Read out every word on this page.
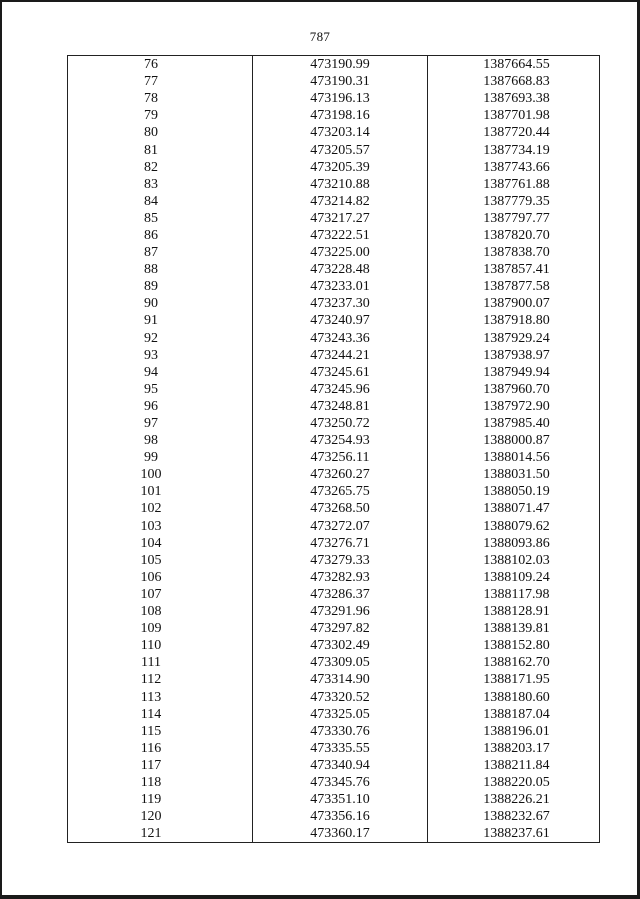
787
76	473190.99	1387664.55
77	473190.31	1387668.83
78	473196.13	1387693.38
79	473198.16	1387701.98
80	473203.14	1387720.44
81	473205.57	1387734.19
82	473205.39	1387743.66
83	473210.88	1387761.88
84	473214.82	1387779.35
85	473217.27	1387797.77
86	473222.51	1387820.70
87	473225.00	1387838.70
88	473228.48	1387857.41
89	473233.01	1387877.58
90	473237.30	1387900.07
91	473240.97	1387918.80
92	473243.36	1387929.24
93	473244.21	1387938.97
94	473245.61	1387949.94
95	473245.96	1387960.70
96	473248.81	1387972.90
97	473250.72	1387985.40
98	473254.93	1388000.87
99	473256.11	1388014.56
100	473260.27	1388031.50
101	473265.75	1388050.19
102	473268.50	1388071.47
103	473272.07	1388079.62
104	473276.71	1388093.86
105	473279.33	1388102.03
106	473282.93	1388109.24
107	473286.37	1388117.98
108	473291.96	1388128.91
109	473297.82	1388139.81
110	473302.49	1388152.80
111	473309.05	1388162.70
112	473314.90	1388171.95
113	473320.52	1388180.60
114	473325.05	1388187.04
115	473330.76	1388196.01
116	473335.55	1388203.17
117	473340.94	1388211.84
118	473345.76	1388220.05
119	473351.10	1388226.21
120	473356.16	1388232.67
121	473360.17	1388237.61
